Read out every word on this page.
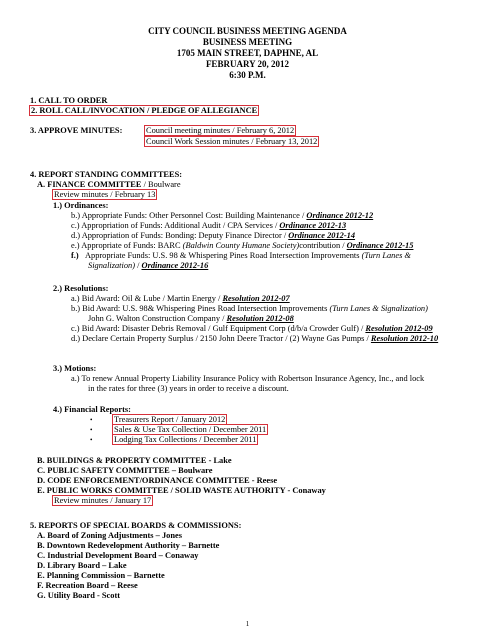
CITY COUNCIL BUSINESS MEETING AGENDA
BUSINESS MEETING
1705 MAIN STREET, DAPHNE, AL
FEBRUARY 20, 2012
6:30 P.M.
1. CALL TO ORDER
2. ROLL CALL/INVOCATION / PLEDGE OF ALLEGIANCE
3. APPROVE MINUTES:	Council meeting minutes / February 6, 2012
Council Work Session minutes / February 13, 2012
4. REPORT STANDING COMMITTEES:
A. FINANCE COMMITTEE / Boulware
Review minutes / February 13
1.) Ordinances:
b.) Appropriate Funds: Other Personnel Cost: Building Maintenance / Ordinance 2012-12
c.) Appropriation of Funds: Additional Audit / CPA Services / Ordinance 2012-13
d.) Appropriation of Funds: Bonding: Deputy Finance Director / Ordinance 2012-14
e.) Appropriate of Funds: BARC (Baldwin County Humane Society)contribution / Ordinance 2012-15
f.) Appropriate Funds: U.S. 98 & Whispering Pines Road Intersection Improvements (Turn Lanes &
Signalization) / Ordinance 2012-16
2.) Resolutions:
a.) Bid Award: Oil & Lube / Martin Energy / Resolution 2012-07
b.) Bid Award: U.S. 98& Whispering Pines Road Intersection Improvements (Turn Lanes & Signalization)
John G. Walton Construction Company / Resolution 2012-08
c.) Bid Award: Disaster Debris Removal / Gulf Equipment Corp (d/b/a Crowder Gulf) / Resolution 2012-09
d.) Declare Certain Property Surplus / 2150 John Deere Tractor / (2) Wayne Gas Pumps / Resolution 2012-10
3.) Motions:
a.) To renew Annual Property Liability Insurance Policy with Robertson Insurance Agency, Inc., and lock
in the rates for three (3) years in order to receive a discount.
4.) Financial Reports:
•	Treasurers Report / January 2012
•	Sales & Use Tax Collection / December 2011
•	Lodging Tax Collections / December 2011
B. BUILDINGS & PROPERTY COMMITTEE - Lake
C. PUBLIC SAFETY COMMITTEE – Boulware
D. CODE ENFORCEMENT/ORDINANCE COMMITTEE - Reese
E. PUBLIC WORKS COMMITTEE / SOLID WASTE AUTHORITY - Conaway
Review minutes / January 17
5. REPORTS OF SPECIAL BOARDS & COMMISSIONS:
A. Board of Zoning Adjustments – Jones
B. Downtown Redevelopment Authority – Barnette
C. Industrial Development Board – Conaway
D. Library Board – Lake
E. Planning Commission – Barnette
F. Recreation Board – Reese
G. Utility Board - Scott
1
